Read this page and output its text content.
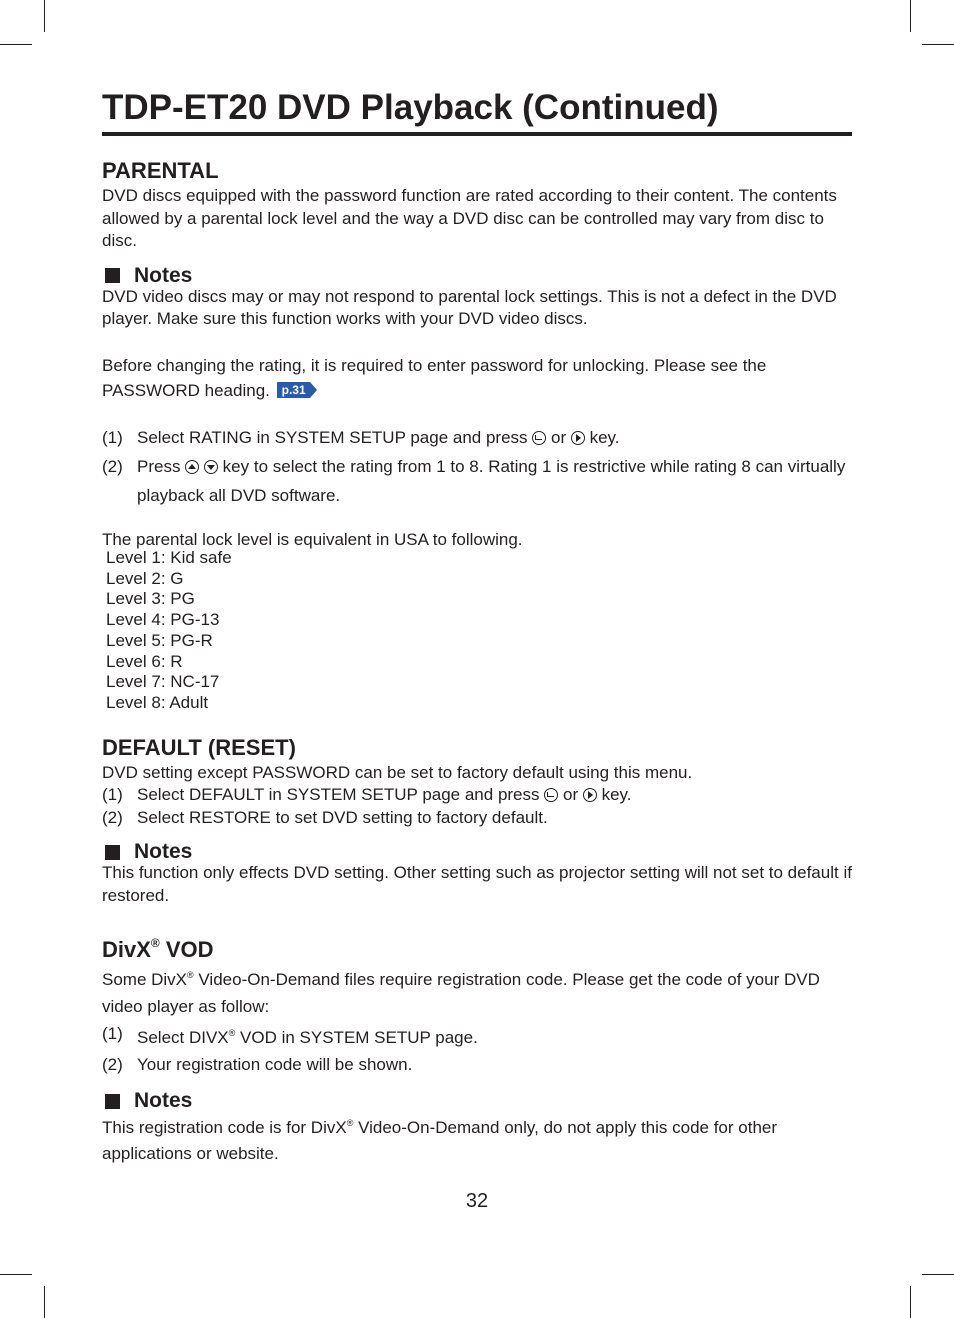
TDP-ET20 DVD Playback (Continued)
PARENTAL

DVD discs equipped with the password function are rated according to their content. The contents allowed by a parental lock level and the way a DVD disc can be controlled may vary from disc to disc.

Notes

DVD video discs may or may not respond to parental lock settings. This is not a defect in the DVD player. Make sure this function works with your DVD video discs.

Before changing the rating, it is required to enter password for unlocking. Please see the PASSWORD heading. p.31

(1) Select RATING in SYSTEM SETUP page and press or key.
(2) Press key to select the rating from 1 to 8. Rating 1 is restrictive while rating 8 can virtually playback all DVD software.

The parental lock level is equivalent in USA to following.

Level 1: Kid safe
Level 2: G
Level 3: PG
Level 4: PG-13
Level 5: PG-R
Level 6: R
Level 7: NC-17
Level 8: Adult
DEFAULT (RESET)

DVD setting except PASSWORD can be set to factory default using this menu.

(1) Select DEFAULT in SYSTEM SETUP page and press or key.
(2) Select RESTORE to set DVD setting to factory default.
Notes

This function only effects DVD setting. Other setting such as projector setting will not set to default if restored.

DivX® VOD

Some DivX® Video-On-Demand files require registration code. Please get the code of your DVD video player as follow:

(1) Select DIVX® VOD in SYSTEM SETUP page.
(2) Your registration code will be shown.
Notes

This registration code is for DivX® Video-On-Demand only, do not apply this code for other applications or website.

32
